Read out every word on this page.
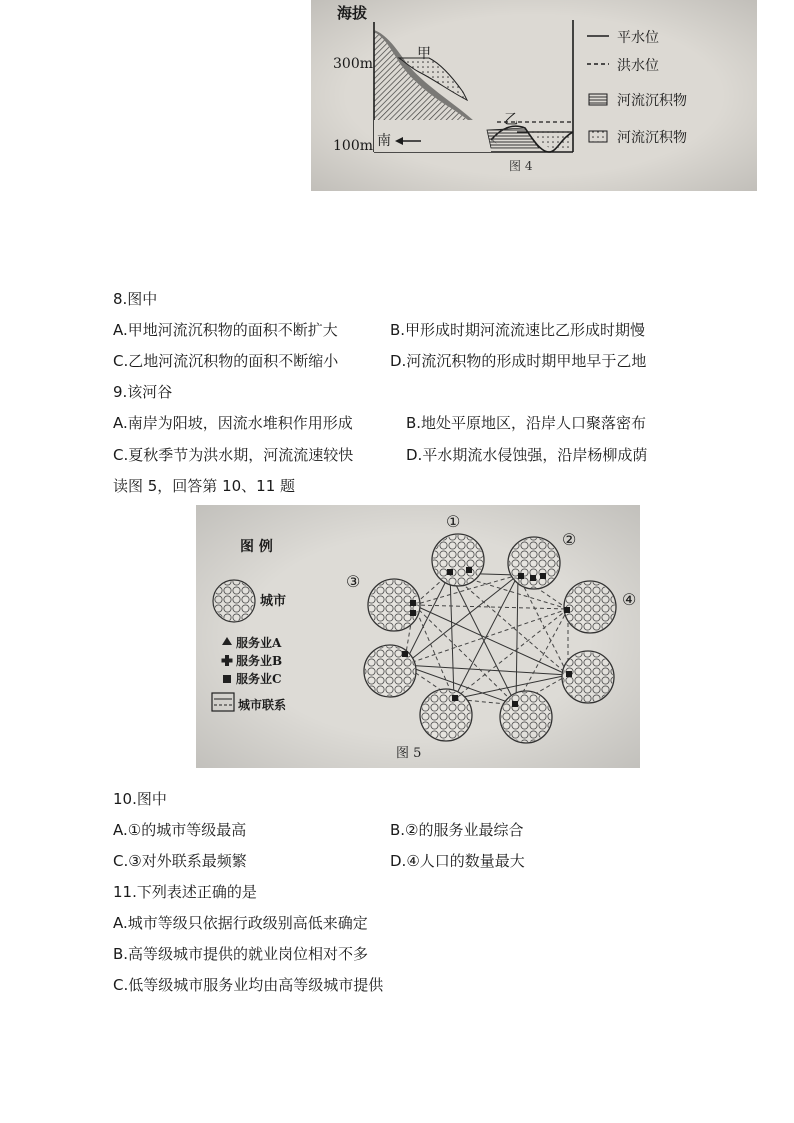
8.图中
A.甲地河流沉积物的面积不断扩大	B.甲形成时期河流流速比乙形成时期慢
C.乙地河流沉积物的面积不断缩小	D.河流沉积物的形成时期甲地早于乙地
9.该河谷
A.南岸为阳坡，因流水堆积作用形成	B.地处平原地区，沿岸人口聚落密布
C.夏秋季节为洪水期，河流流速较快	D.平水期流水侵蚀强，沿岸杨柳成荫
读图 5，回答第 10、11 题
10.图中
A.①的城市等级最高	B.②的服务业最综合
C.③对外联系最频繁	D.④人口的数量最大
11.下列表述正确的是
A.城市等级只依据行政级别高低来确定
B.高等级城市提供的就业岗位相对不多
C.低等级城市服务业均由高等级城市提供
